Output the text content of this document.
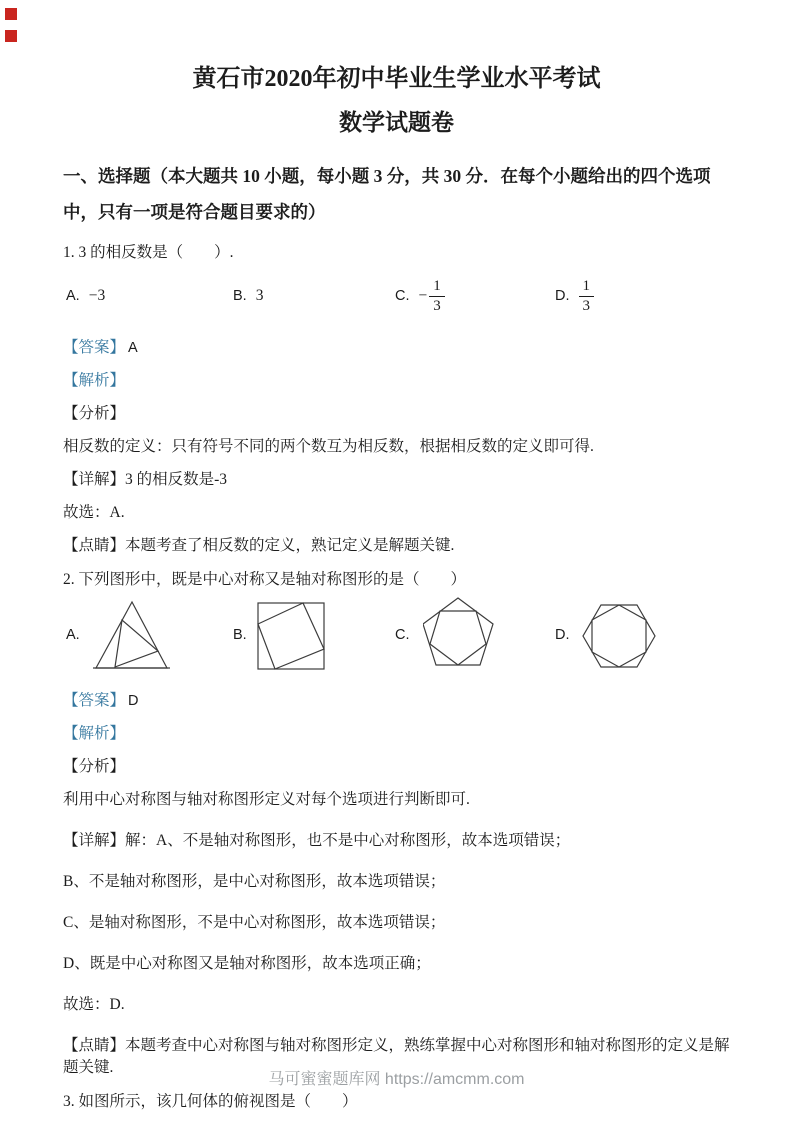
黄石市2020年初中毕业生学业水平考试
数学试题卷

一、选择题（本大题共 10 小题，每小题 3 分，共 30 分．在每个小题给出的四个选项中，只有一项是符合题目要求的）

1. 3 的相反数是（　　）.

A. −3	B. 3	C. − $\frac{1}{3}$	D. $\frac{1}{3}$

【答案】 A

【解析】

【分析】

相反数的定义：只有符号不同的两个数互为相反数，根据相反数的定义即可得.

【详解】3 的相反数是-3

故选：A.

【点睛】本题考查了相反数的定义，熟记定义是解题关键.

2. 下列图形中，既是中心对称又是轴对称图形的是（　　）

A.	B.	C.	D.

【答案】 D

【解析】

【分析】

利用中心对称图与轴对称图形定义对每个选项进行判断即可.

【详解】解：A、不是轴对称图形，也不是中心对称图形，故本选项错误；

B、不是轴对称图形，是中心对称图形，故本选项错误；

C、是轴对称图形，不是中心对称图形，故本选项错误；

D、既是中心对称图又是轴对称图形，故本选项正确；

故选：D.

【点睛】本题考查中心对称图与轴对称图形定义，熟练掌握中心对称图形和轴对称图形的定义是解题关键.

3. 如图所示，该几何体的俯视图是（　　）

马可蜜蜜题库网 https://amcmm.com
